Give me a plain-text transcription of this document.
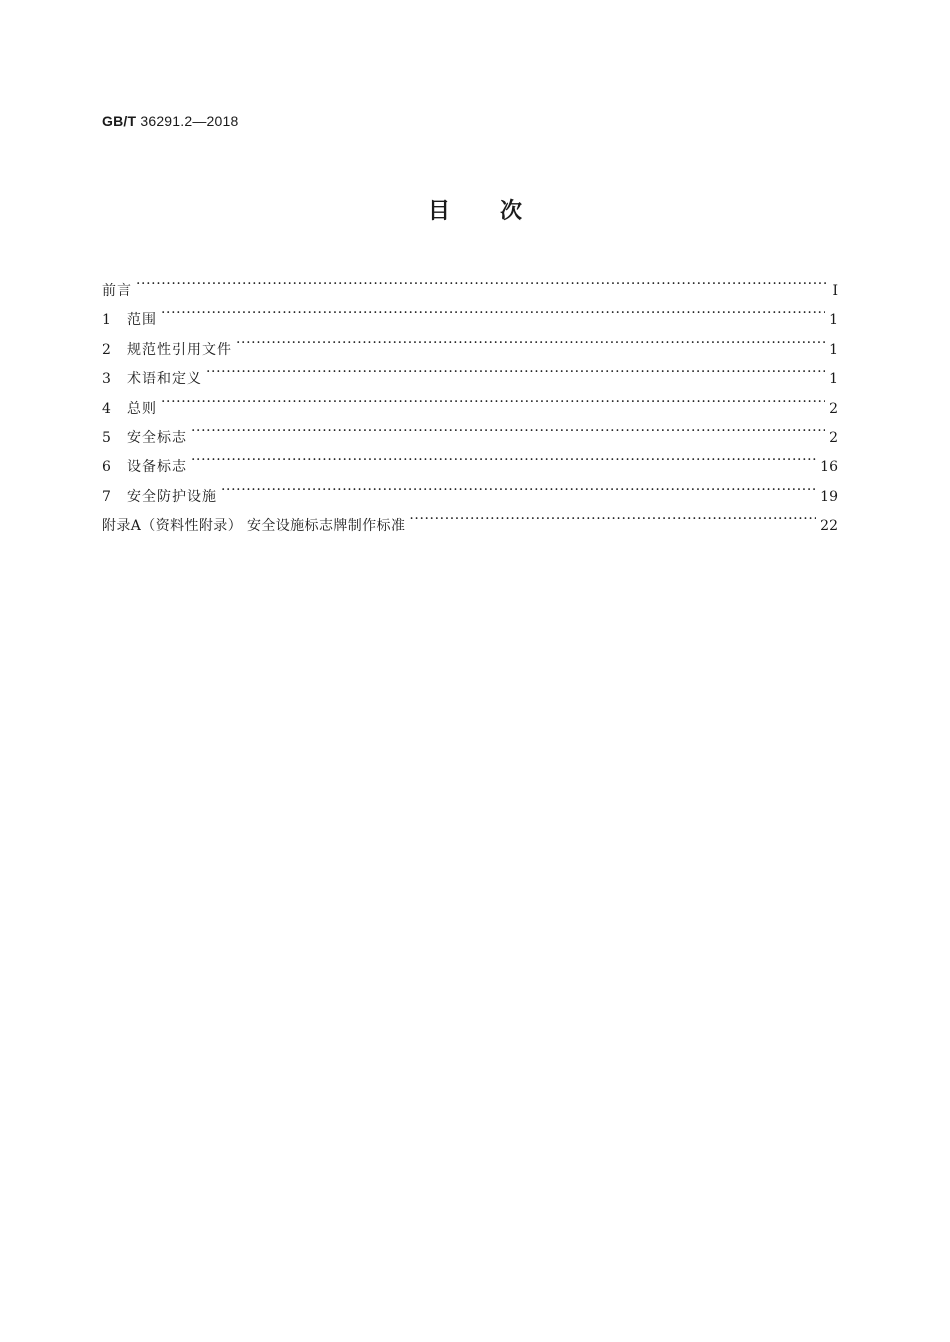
GB/T 36291.2—2018
目次
前言 ·····	Ⅰ
1	范围 ·····	1
2	规范性引用文件 ·····	1
3	术语和定义 ·····	1
4	总则 ·····	2
5	安全标志 ·····	2
6	设备标志 ·····	16
7	安全防护设施 ·····	19
附录A（资料性附录） 安全设施标志牌制作标准 ·····	22
